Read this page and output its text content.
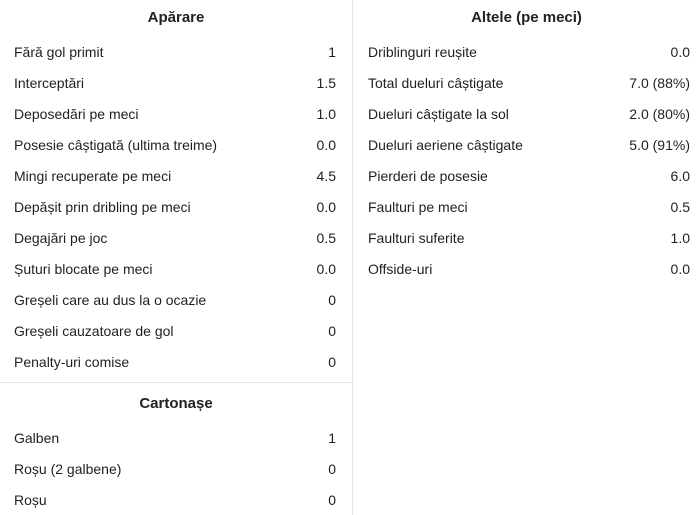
Apărare
Fără gol primit	1
Interceptări	1.5
Deposedări pe meci	1.0
Posesie câștigată (ultima treime)	0.0
Mingi recuperate pe meci	4.5
Depășit prin dribling pe meci	0.0
Degajări pe joc	0.5
Șuturi blocate pe meci	0.0
Greșeli care au dus la o ocazie	0
Greșeli cauzatoare de gol	0
Penalty-uri comise	0
Cartonașe
Galben	1
Roșu (2 galbene)	0
Roșu	0
Altele (pe meci)
Driblinguri reușite	0.0
Total dueluri câștigate	7.0 (88%)
Dueluri câștigate la sol	2.0 (80%)
Dueluri aeriene câștigate	5.0 (91%)
Pierderi de posesie	6.0
Faulturi pe meci	0.5
Faulturi suferite	1.0
Offside-uri	0.0
